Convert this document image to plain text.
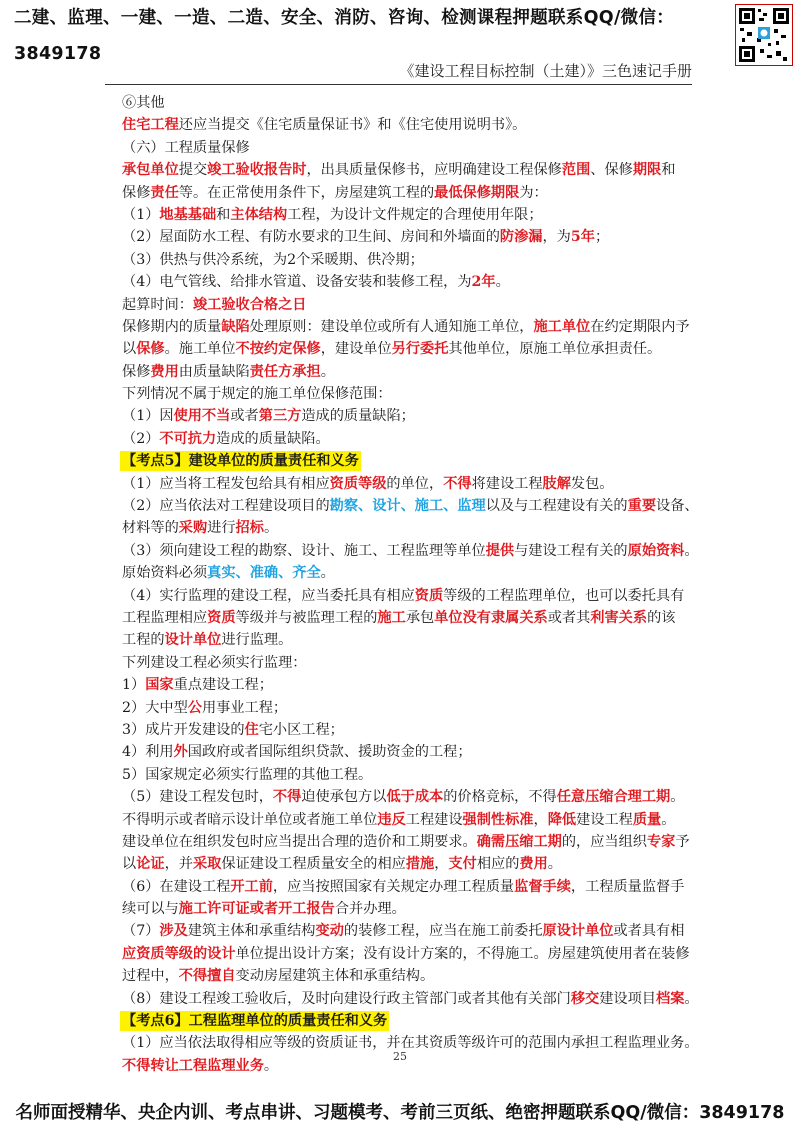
二建、监理、一建、一造、二造、安全、消防、咨询、检测课程押题联系QQ/微信：3849178
《建设工程目标控制（土建）》三色速记手册
⑥其他
住宅工程还应当提交《住宅质量保证书》和《住宅使用说明书》。
（六）工程质量保修
承包单位提交竣工验收报告时，出具质量保修书，应明确建设工程保修范围、保修期限和
保修责任等。在正常使用条件下，房屋建筑工程的最低保修期限为：
（1）地基基础和主体结构工程，为设计文件规定的合理使用年限；
（2）屋面防水工程、有防水要求的卫生间、房间和外墙面的防渗漏，为5年；
（3）供热与供冷系统，为2个采暖期、供冷期；
（4）电气管线、给排水管道、设备安装和装修工程，为2年。
起算时间：竣工验收合格之日
保修期内的质量缺陷处理原则：建设单位或所有人通知施工单位，施工单位在约定期限内予
以保修。施工单位不按约定保修，建设单位另行委托其他单位，原施工单位承担责任。
保修费用由质量缺陷责任方承担。
下列情况不属于规定的施工单位保修范围：
（1）因使用不当或者第三方造成的质量缺陷；
（2）不可抗力造成的质量缺陷。
【考点5】建设单位的质量责任和义务
（1）应当将工程发包给具有相应资质等级的单位，不得将建设工程肢解发包。
（2）应当依法对工程建设项目的勘察、设计、施工、监理以及与工程建设有关的重要设备、
材料等的采购进行招标。
（3）须向建设工程的勘察、设计、施工、工程监理等单位提供与建设工程有关的原始资料。
原始资料必须真实、准确、齐全。
（4）实行监理的建设工程，应当委托具有相应资质等级的工程监理单位，也可以委托具有
工程监理相应资质等级并与被监理工程的施工承包单位没有隶属关系或者其利害关系的该
工程的设计单位进行监理。
下列建设工程必须实行监理：
1）国家重点建设工程；
2）大中型公用事业工程；
3）成片开发建设的住宅小区工程；
4）利用外国政府或者国际组织贷款、援助资金的工程；
5）国家规定必须实行监理的其他工程。
（5）建设工程发包时，不得迫使承包方以低于成本的价格竞标，不得任意压缩合理工期。
不得明示或者暗示设计单位或者施工单位违反工程建设强制性标准，降低建设工程质量。
建设单位在组织发包时应当提出合理的造价和工期要求。确需压缩工期的，应当组织专家予
以论证，并采取保证建设工程质量安全的相应措施，支付相应的费用。
（6）在建设工程开工前，应当按照国家有关规定办理工程质量监督手续，工程质量监督手
续可以与施工许可证或者开工报告合并办理。
（7）涉及建筑主体和承重结构变动的装修工程，应当在施工前委托原设计单位或者具有相
应资质等级的设计单位提出设计方案；没有设计方案的，不得施工。房屋建筑使用者在装修
过程中，不得擅自变动房屋建筑主体和承重结构。
（8）建设工程竣工验收后，及时向建设行政主管部门或者其他有关部门移交建设项目档案。
【考点6】工程监理单位的质量责任和义务
（1）应当依法取得相应等级的资质证书，并在其资质等级许可的范围内承担工程监理业务。
不得转让工程监理业务。
25
名师面授精华、央企内训、考点串讲、习题模考、考前三页纸、绝密押题联系QQ/微信：3849178
